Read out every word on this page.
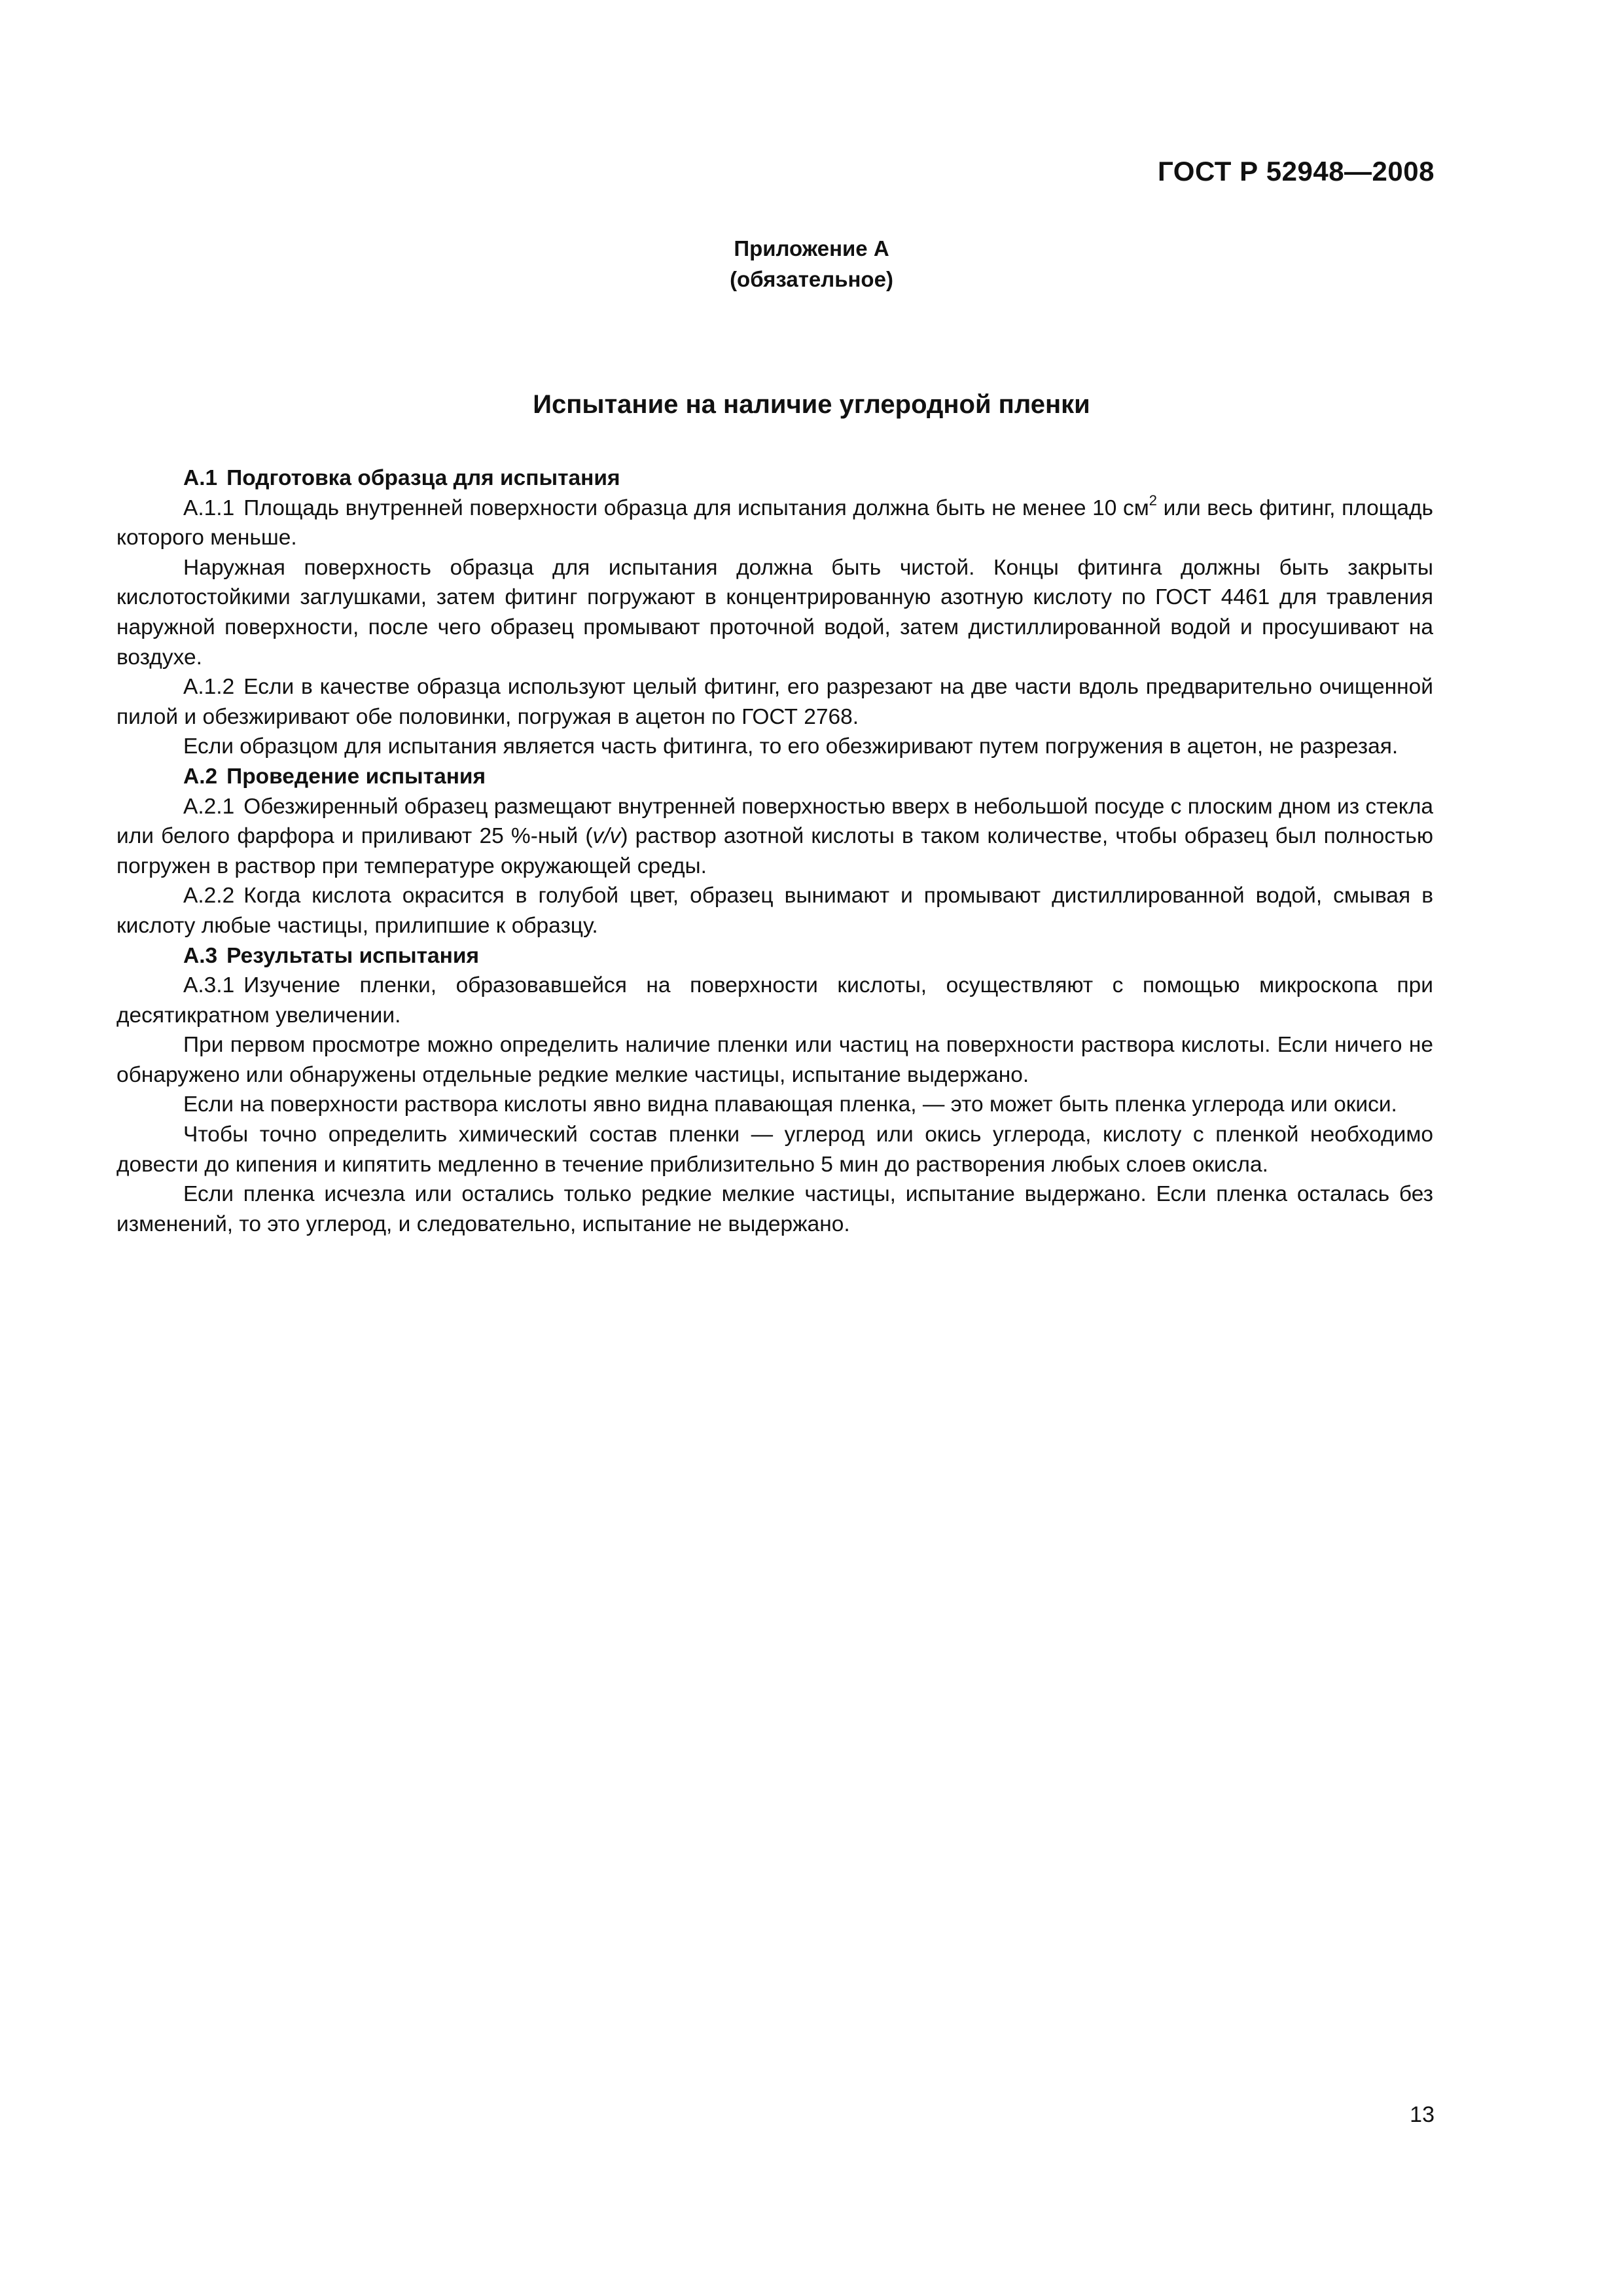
ГОСТ Р 52948—2008
Приложение А
(обязательное)
Испытание на наличие углеродной пленки
А.1 Подготовка образца для испытания

А.1.1 Площадь внутренней поверхности образца для испытания должна быть не менее 10 $см^2$ или весь фитинг, площадь которого меньше.

Наружная поверхность образца для испытания должна быть чистой. Концы фитинга должны быть закрыты кислотостойкими заглушками, затем фитинг погружают в концентрированную азотную кислоту по ГОСТ 4461 для травления наружной поверхности, после чего образец промывают проточной водой, затем дистиллированной водой и просушивают на воздухе.

А.1.2 Если в качестве образца используют целый фитинг, его разрезают на две части вдоль предварительно очищенной пилой и обезжиривают обе половинки, погружая в ацетон по ГОСТ 2768.

Если образцом для испытания является часть фитинга, то его обезжиривают путем погружения в ацетон, не разрезая.

А.2 Проведение испытания

А.2.1 Обезжиренный образец размещают внутренней поверхностью вверх в небольшой посуде с плоским дном из стекла или белого фарфора и приливают 25 %-ный (v/v) раствор азотной кислоты в таком количестве, чтобы образец был полностью погружен в раствор при температуре окружающей среды.

А.2.2 Когда кислота окрасится в голубой цвет, образец вынимают и промывают дистиллированной водой, смывая в кислоту любые частицы, прилипшие к образцу.

А.3 Результаты испытания

А.3.1 Изучение пленки, образовавшейся на поверхности кислоты, осуществляют с помощью микроскопа при десятикратном увеличении.

При первом просмотре можно определить наличие пленки или частиц на поверхности раствора кислоты. Если ничего не обнаружено или обнаружены отдельные редкие мелкие частицы, испытание выдержано.

Если на поверхности раствора кислоты явно видна плавающая пленка, — это может быть пленка углерода или окиси.

Чтобы точно определить химический состав пленки — углерод или окись углерода, кислоту с пленкой необходимо довести до кипения и кипятить медленно в течение приблизительно 5 мин до растворения любых слоев окисла.

Если пленка исчезла или остались только редкие мелкие частицы, испытание выдержано. Если пленка осталась без изменений, то это углерод, и следовательно, испытание не выдержано.

13
